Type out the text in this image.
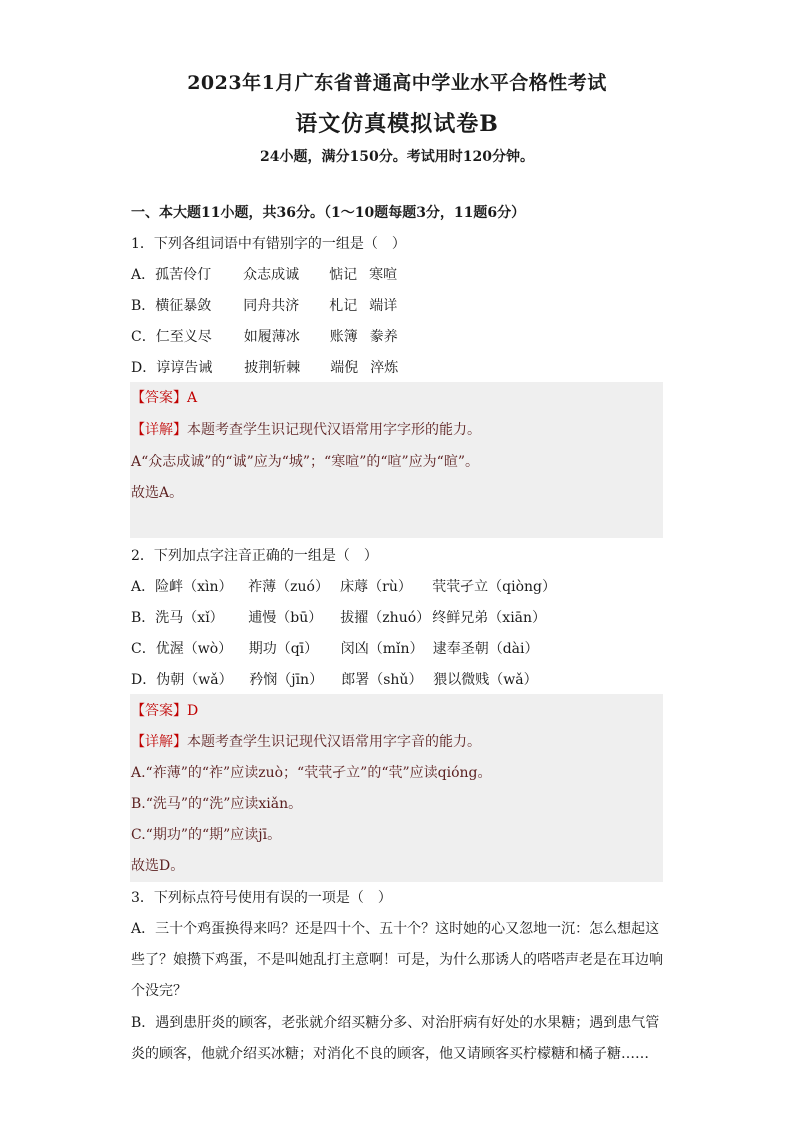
2023年1月广东省普通高中学业水平合格性考试
语文仿真模拟试卷B
24小题，满分150分。考试用时120分钟。
一、本大题11小题，共36分。（1～10题每题3分，11题6分）
1．下列各组词语中有错别字的一组是（　）
A．孤苦伶仃 众志成诚 惦记 寒喧
B．横征暴敛 同舟共济 札记 端详
C．仁至义尽 如履薄冰 账簿 豢养
D．谆谆告诫 披荆斩棘 端倪 淬炼
【答案】A
【详解】本题考查学生识记现代汉语常用字字形的能力。
A“众志成诚”的“诚”应为“城”；“寒喧”的“喧”应为“暄”。
故选A。
2．下列加点字注音正确的一组是（　）
A．险衅（xìn） 祚薄（zuó） 床蓐（rù） 茕茕孑立（qiòng）
B．洗马（xǐ） 逋慢（bū） 拔擢（zhuó） 终鲜兄弟（xiān）
C．优渥（wò） 期功（qī） 闵凶（mǐn） 逮奉圣朝（dài）
D．伪朝（wǎ） 矜悯（jīn） 郎署（shǔ） 猥以微贱（wǎ）
【答案】D
【详解】本题考查学生识记现代汉语常用字字音的能力。
A.“祚薄”的“祚”应读zuò；“茕茕孑立”的“茕”应读qióng。
B.“洗马”的“洗”应读xiǎn。
C.“期功”的“期”应读jī。
故选D。
3．下列标点符号使用有误的一项是（　）
A．三十个鸡蛋换得来吗？还是四十个、五十个？这时她的心又忽地一沉：怎么想起这
些了？娘攒下鸡蛋，不是叫她乱打主意啊！可是，为什么那诱人的嗒嗒声老是在耳边响
个没完？
B．遇到患肝炎的顾客，老张就介绍买糖分多、对治肝病有好处的水果糖；遇到患气管
炎的顾客，他就介绍买冰糖；对消化不良的顾客，他又请顾客买柠檬糖和橘子糖……
